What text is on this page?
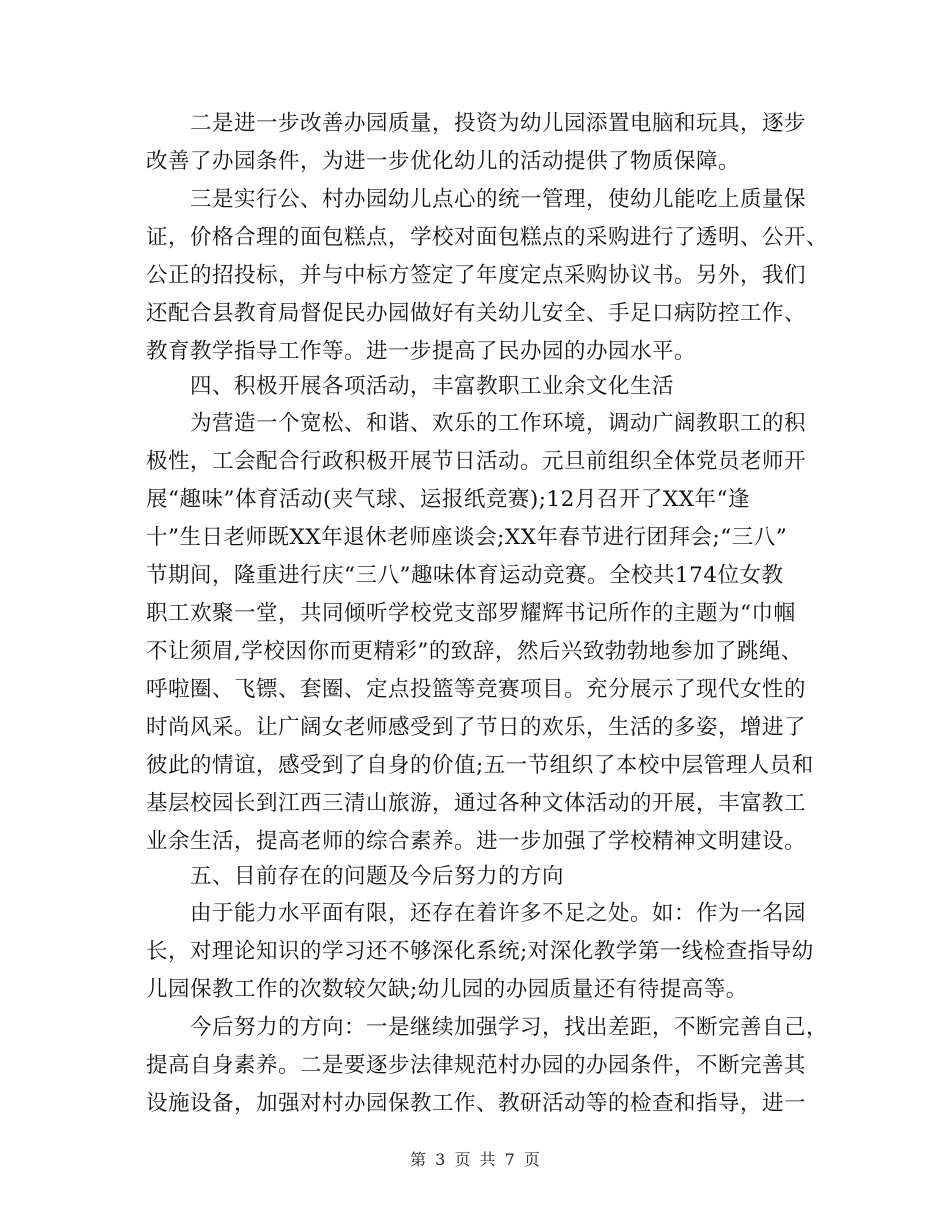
二是进一步改善办园质量，投资为幼儿园添置电脑和玩具，逐步
改善了办园条件，为进一步优化幼儿的活动提供了物质保障。
三是实行公、村办园幼儿点心的统一管理，使幼儿能吃上质量保
证，价格合理的面包糕点，学校对面包糕点的采购进行了透明、公开、
公正的招投标，并与中标方签定了年度定点采购协议书。另外，我们
还配合县教育局督促民办园做好有关幼儿安全、手足口病防控工作、
教育教学指导工作等。进一步提高了民办园的办园水平。
四、积极开展各项活动，丰富教职工业余文化生活
为营造一个宽松、和谐、欢乐的工作环境，调动广阔教职工的积
极性，工会配合行政积极开展节日活动。元旦前组织全体党员老师开
展“趣味”体育活动(夹气球、运报纸竞赛);12月召开了XX年“逢
十”生日老师既XX年退休老师座谈会;XX年春节进行团拜会;“三八”
节期间，隆重进行庆“三八”趣味体育运动竞赛。全校共174位女教
职工欢聚一堂，共同倾听学校党支部罗耀辉书记所作的主题为“巾帼
不让须眉,学校因你而更精彩”的致辞，然后兴致勃勃地参加了跳绳、
呼啦圈、飞镖、套圈、定点投篮等竞赛项目。充分展示了现代女性的
时尚风采。让广阔女老师感受到了节日的欢乐，生活的多姿，增进了
彼此的情谊，感受到了自身的价值;五一节组织了本校中层管理人员和
基层校园长到江西三清山旅游，通过各种文体活动的开展，丰富教工
业余生活，提高老师的综合素养。进一步加强了学校精神文明建设。
五、目前存在的问题及今后努力的方向
由于能力水平面有限，还存在着许多不足之处。如：作为一名园
长，对理论知识的学习还不够深化系统;对深化教学第一线检查指导幼
儿园保教工作的次数较欠缺;幼儿园的办园质量还有待提高等。
今后努力的方向：一是继续加强学习，找出差距，不断完善自己，
提高自身素养。二是要逐步法律规范村办园的办园条件，不断完善其
设施设备，加强对村办园保教工作、教研活动等的检查和指导，进一
第 3 页 共 7 页
